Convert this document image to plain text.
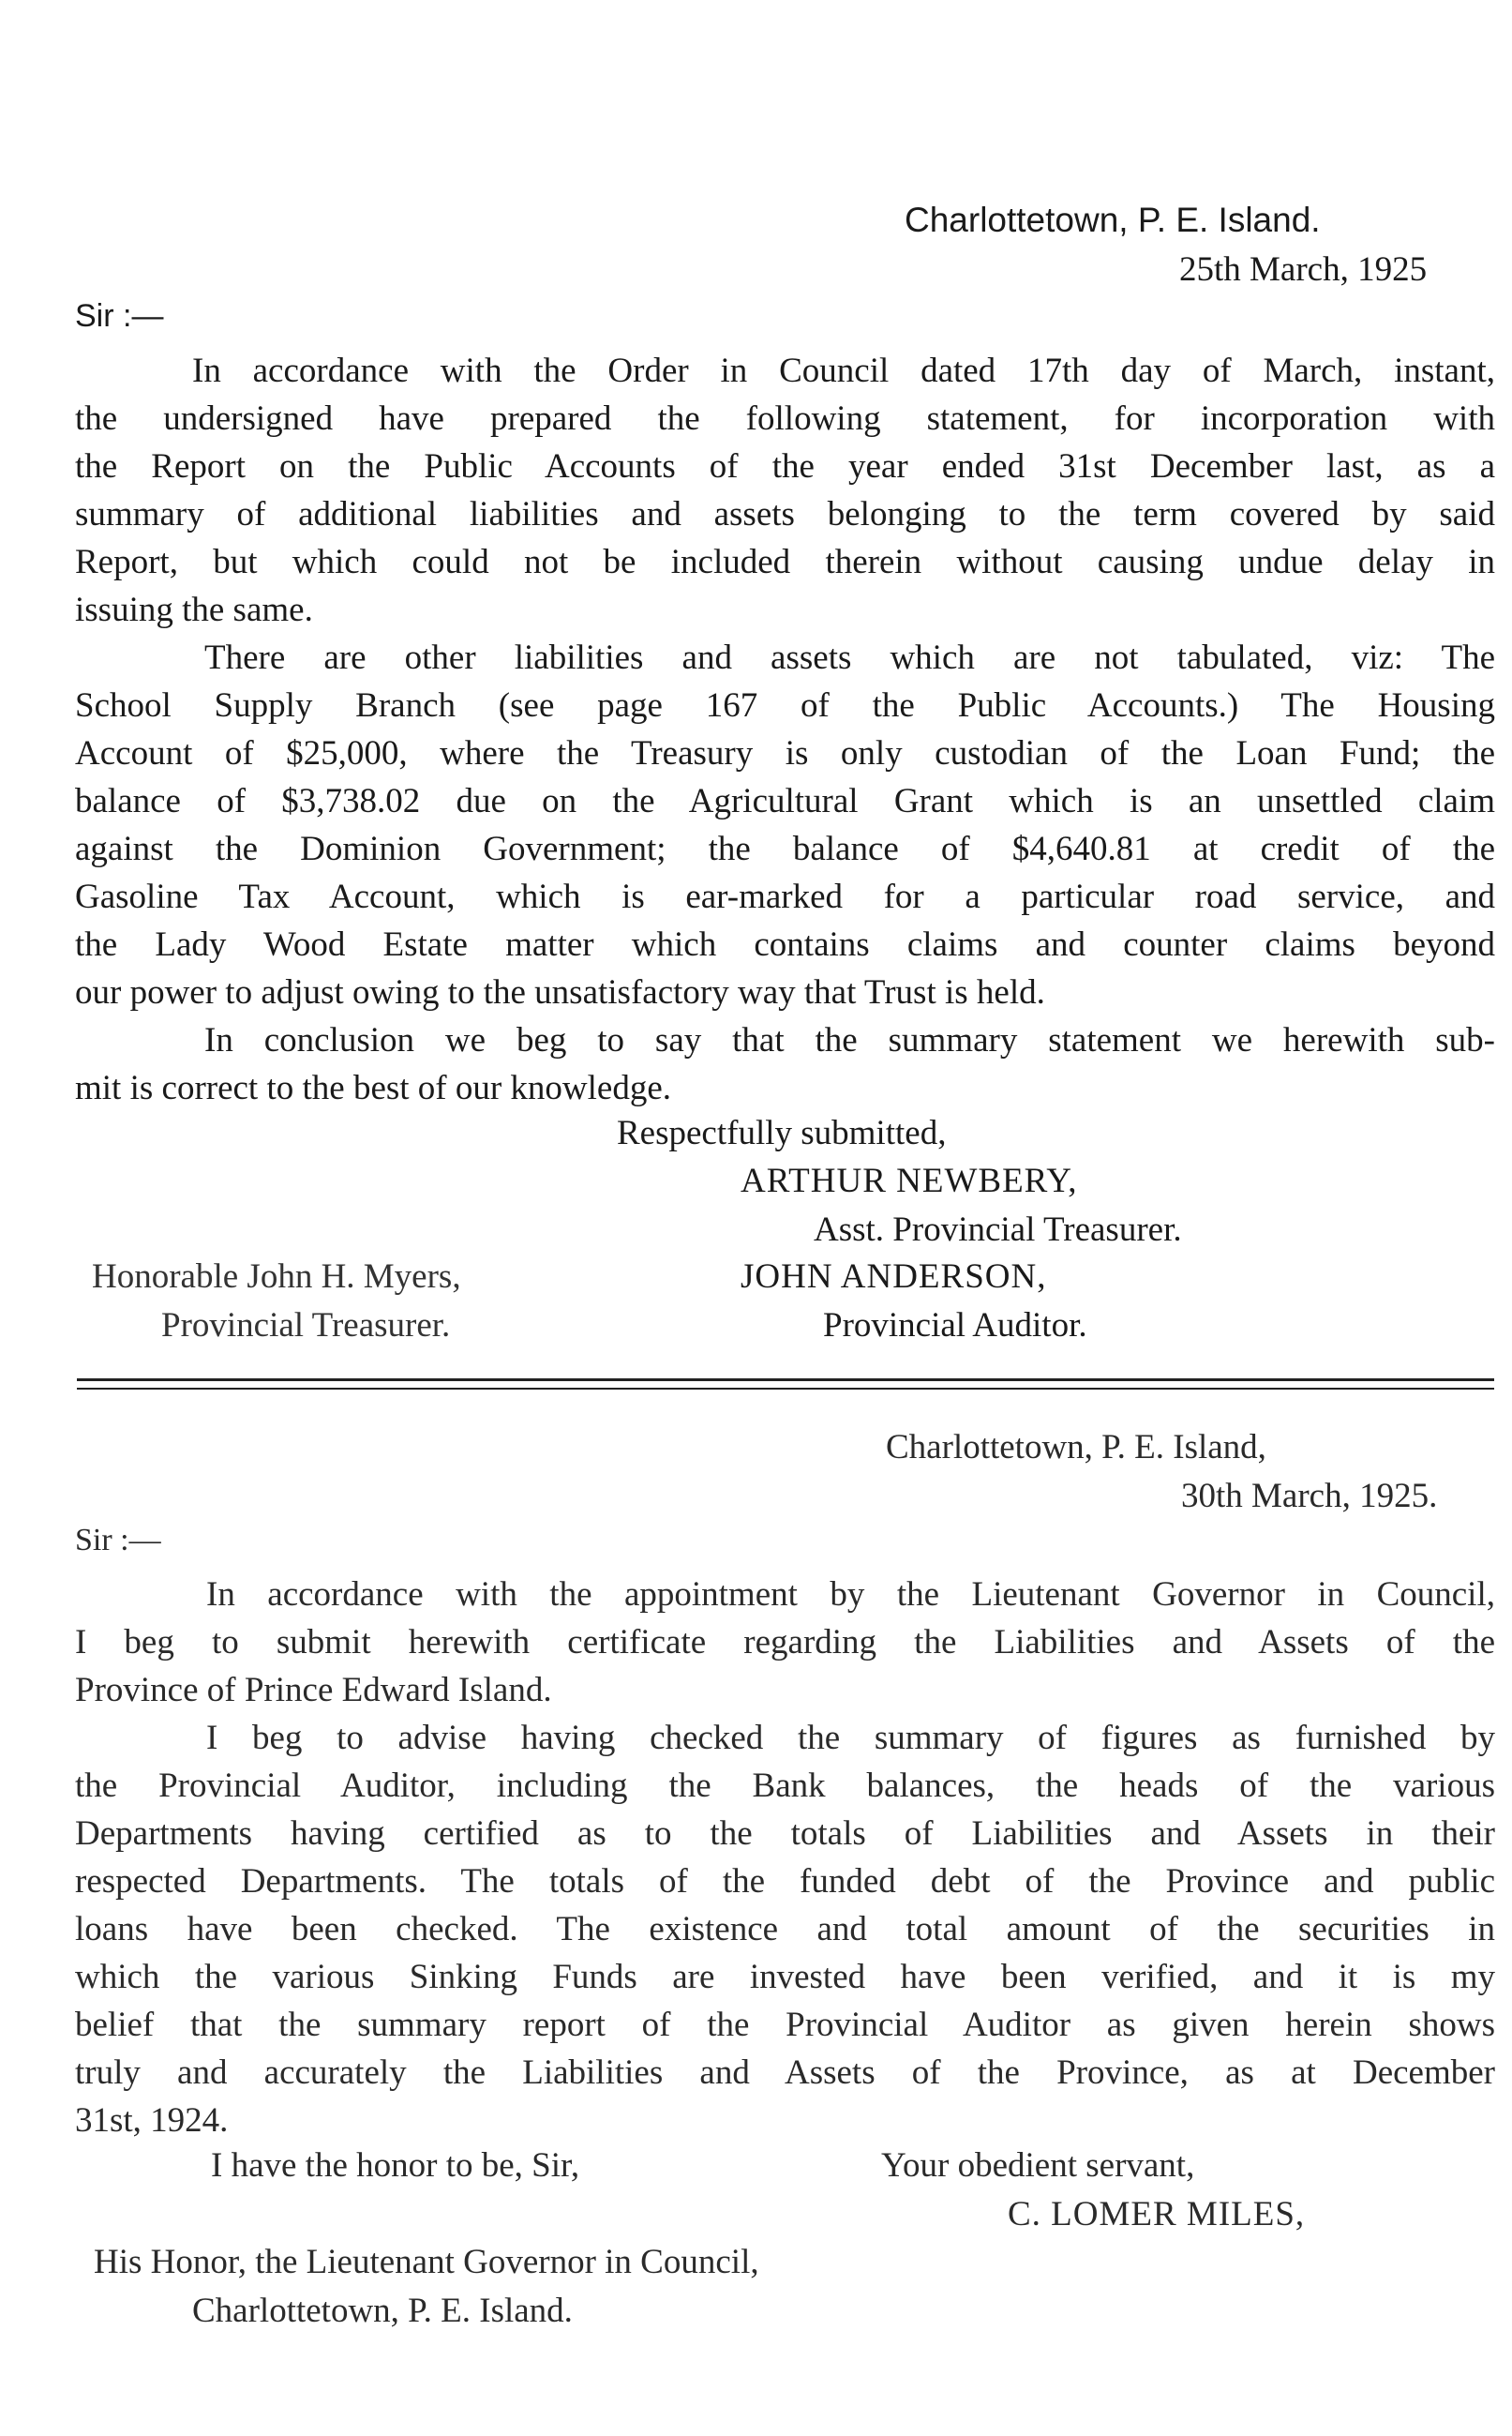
Charlottetown, P. E. Island.
25th March, 1925
Sir :—
In accordance with the Order in Council dated 17th day of March, instant,
the undersigned have prepared the following statement, for incorporation with
the Report on the Public Accounts of the year ended 31st December last, as a
summary of additional liabilities and assets belonging to the term covered by said
Report, but which could not be included therein without causing undue delay in
issuing the same.
There are other liabilities and assets which are not tabulated, viz: The
School Supply Branch (see page 167 of the Public Accounts.) The Housing
Account of $25,000, where the Treasury is only custodian of the Loan Fund; the
balance of $3,738.02 due on the Agricultural Grant which is an unsettled claim
against the Dominion Government; the balance of $4,640.81 at credit of the
Gasoline Tax Account, which is ear-marked for a particular road service, and
the Lady Wood Estate matter which contains claims and counter claims beyond
our power to adjust owing to the unsatisfactory way that Trust is held.
In conclusion we beg to say that the summary statement we herewith sub-
mit is correct to the best of our knowledge.
Respectfully submitted,
ARTHUR NEWBERY,
Asst. Provincial Treasurer.
Honorable John H. Myers,	JOHN ANDERSON,
Provincial Treasurer.	Provincial Auditor.
Charlottetown, P. E. Island,
30th March, 1925.
Sir :—
In accordance with the appointment by the Lieutenant Governor in Council,
I beg to submit herewith certificate regarding the Liabilities and Assets of the
Province of Prince Edward Island.
I beg to advise having checked the summary of figures as furnished by
the Provincial Auditor, including the Bank balances, the heads of the various
Departments having certified as to the totals of Liabilities and Assets in their
respected Departments. The totals of the funded debt of the Province and public
loans have been checked. The existence and total amount of the securities in
which the various Sinking Funds are invested have been verified, and it is my
belief that the summary report of the Provincial Auditor as given herein shows
truly and accurately the Liabilities and Assets of the Province, as at December
31st, 1924.
I have the honor to be, Sir,	Your obedient servant,
C. LOMER MILES,
His Honor, the Lieutenant Governor in Council,
Charlottetown, P. E. Island.
